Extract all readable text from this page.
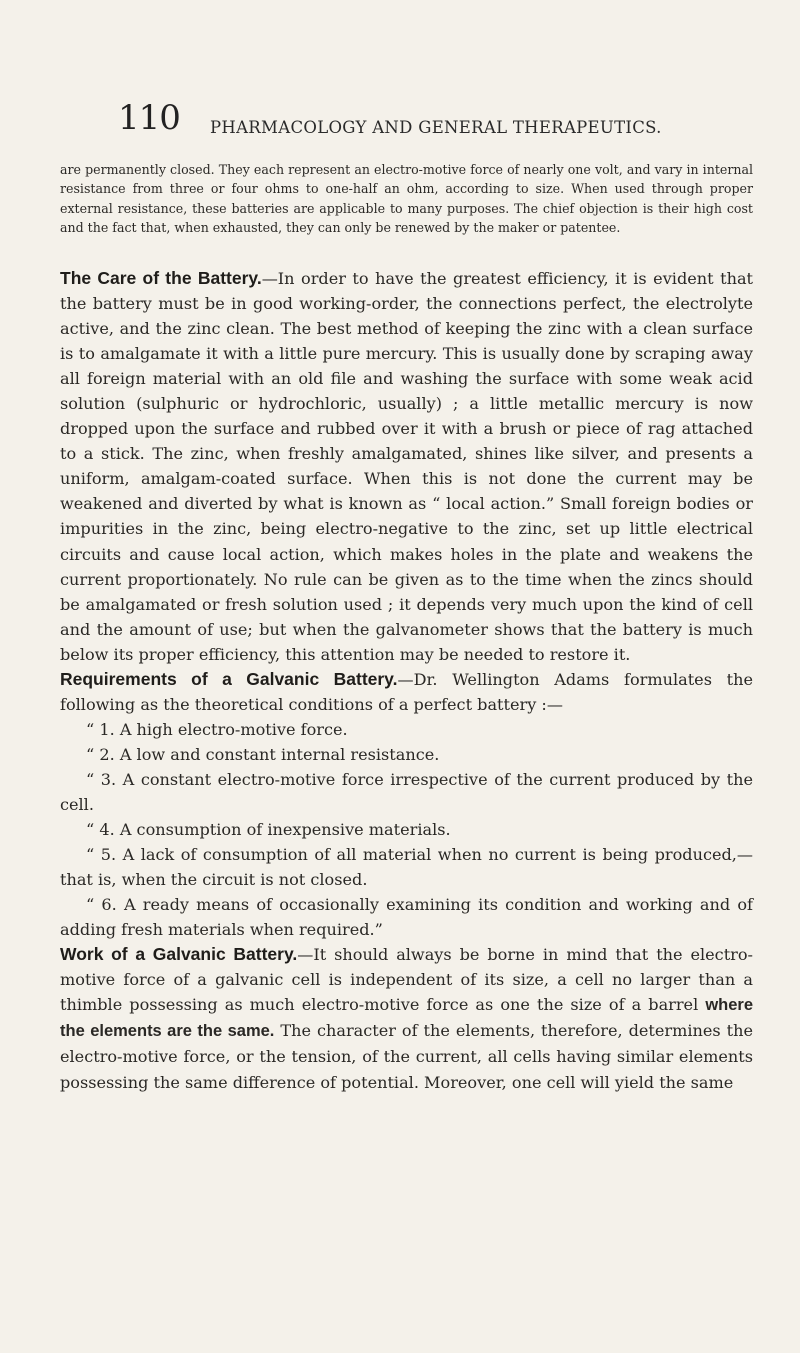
110 PHARMACOLOGY AND GENERAL THERAPEUTICS.

are permanently closed. They each represent an electro-motive force of nearly one volt, and vary in internal resistance from three or four ohms to one-half an ohm, according to size. When used through proper external resistance, these batteries are applicable to many purposes. The chief objection is their high cost and the fact that, when exhausted, they can only be renewed by the maker or patentee.

The Care of the Battery.—In order to have the greatest efficiency, it is evident that the battery must be in good working-order, the connections perfect, the electrolyte active, and the zinc clean. The best method of keeping the zinc with a clean surface is to amalgamate it with a little pure mercury. This is usually done by scraping away all foreign material with an old file and washing the surface with some weak acid solution (sulphuric or hydrochloric, usually) ; a little metallic mercury is now dropped upon the surface and rubbed over it with a brush or piece of rag attached to a stick. The zinc, when freshly amalgamated, shines like silver, and presents a uniform, amalgam-coated surface. When this is not done the current may be weakened and diverted by what is known as “ local action.” Small foreign bodies or impurities in the zinc, being electro-negative to the zinc, set up little electrical circuits and cause local action, which makes holes in the plate and weakens the current proportionately. No rule can be given as to the time when the zincs should be amalgamated or fresh solution used ; it depends very much upon the kind of cell and the amount of use; but when the galvanometer shows that the battery is much below its proper efficiency, this attention may be needed to restore it.

Requirements of a Galvanic Battery.—Dr. Wellington Adams formulates the following as the theoretical conditions of a perfect battery :—

“ 1. A high electro-motive force.

“ 2. A low and constant internal resistance.

“ 3. A constant electro-motive force irrespective of the current produced by the cell.

“ 4. A consumption of inexpensive materials.

“ 5. A lack of consumption of all material when no current is being produced,—that is, when the circuit is not closed.

“ 6. A ready means of occasionally examining its condition and working and of adding fresh materials when required.”

Work of a Galvanic Battery.—It should always be borne in mind that the electro-motive force of a galvanic cell is independent of its size, a cell no larger than a thimble possessing as much electro-motive force as one the size of a barrel where the elements are the same. The character of the elements, therefore, determines the electro-motive force, or the tension, of the current, all cells having similar elements possessing the same difference of potential. Moreover, one cell will yield the same
